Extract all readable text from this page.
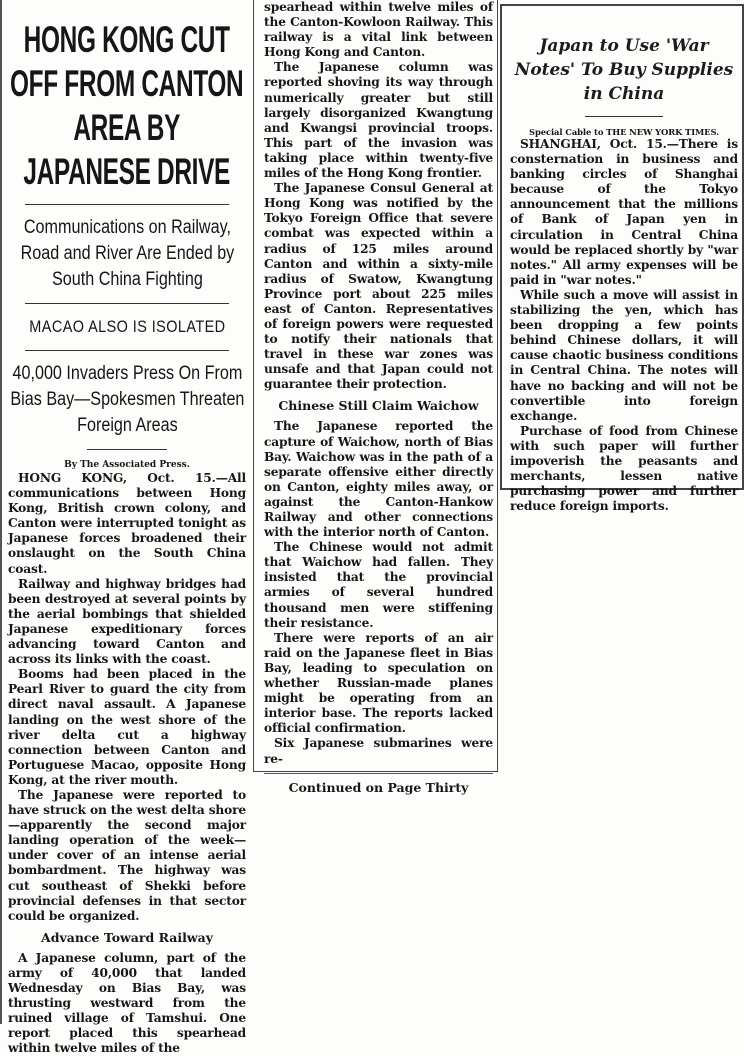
HONG KONG CUT OFF FROM CANTON AREA BY JAPANESE DRIVE
Communications on Railway, Road and River Are Ended by South China Fighting
MACAO ALSO IS ISOLATED
40,000 Invaders Press On From Bias Bay—Spokesmen Threaten Foreign Areas
By The Associated Press.

HONG KONG, Oct. 15.—All communications between Hong Kong, British crown colony, and Canton were interrupted tonight as Japanese forces broadened their onslaught on the South China coast.

Railway and highway bridges had been destroyed at several points by the aerial bombings that shielded Japanese expeditionary forces advancing toward Canton and across its links with the coast.

Booms had been placed in the Pearl River to guard the city from direct naval assault. A Japanese landing on the west shore of the river delta cut a highway connection between Canton and Portuguese Macao, opposite Hong Kong, at the river mouth.

The Japanese were reported to have struck on the west delta shore—apparently the second major landing operation of the week—under cover of an intense aerial bombardment. The highway was cut southeast of Shekki before provincial defenses in that sector could be organized.

Advance Toward Railway

A Japanese column, part of the army of 40,000 that landed Wednesday on Bias Bay, was thrusting westward from the ruined village of Tamshui. One report placed this spearhead within twelve miles of the

spearhead within twelve miles of the Canton-Kowloon Railway. This railway is a vital link between Hong Kong and Canton.

The Japanese column was reported shoving its way through numerically greater but still largely disorganized Kwangtung and Kwangsi provincial troops. This part of the invasion was taking place within twenty-five miles of the Hong Kong frontier.

The Japanese Consul General at Hong Kong was notified by the Tokyo Foreign Office that severe combat was expected within a radius of 125 miles around Canton and within a sixty-mile radius of Swatow, Kwangtung Province port about 225 miles east of Canton. Representatives of foreign powers were requested to notify their nationals that travel in these war zones was unsafe and that Japan could not guarantee their protection.

Chinese Still Claim Waichow

The Japanese reported the capture of Waichow, north of Bias Bay. Waichow was in the path of a separate offensive either directly on Canton, eighty miles away, or against the Canton-Hankow Railway and other connections with the interior north of Canton.

The Chinese would not admit that Waichow had fallen. They insisted that the provincial armies of several hundred thousand men were stiffening their resistance.

There were reports of an air raid on the Japanese fleet in Bias Bay, leading to speculation on whether Russian-made planes might be operating from an interior base. The reports lacked official confirmation.

Six Japanese submarines were re-

Continued on Page Thirty
Japan to Use 'War Notes' To Buy Supplies in China
Special Cable to THE NEW YORK TIMES.

SHANGHAI, Oct. 15.—There is consternation in business and banking circles of Shanghai because of the Tokyo announcement that the millions of Bank of Japan yen in circulation in Central China would be replaced shortly by "war notes." All army expenses will be paid in "war notes."

While such a move will assist in stabilizing the yen, which has been dropping a few points behind Chinese dollars, it will cause chaotic business conditions in Central China. The notes will have no backing and will not be convertible into foreign exchange.

Purchase of food from Chinese with such paper will further impoverish the peasants and merchants, lessen native purchasing power and further reduce foreign imports.
